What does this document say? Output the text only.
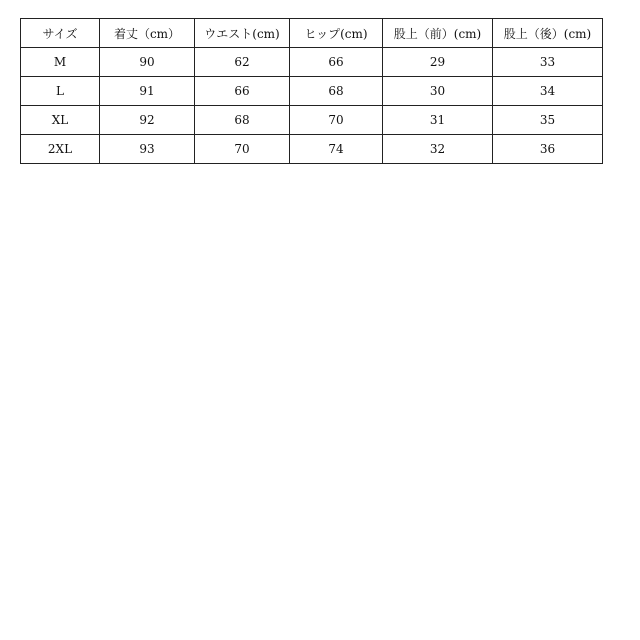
サイズ	着丈（cm）	ウエスト(cm)	ヒップ(cm)	股上（前）(cm)	股上（後）(cm)
M	90	62	66	29	33
L	91	66	68	30	34
XL	92	68	70	31	35
2XL	93	70	74	32	36
